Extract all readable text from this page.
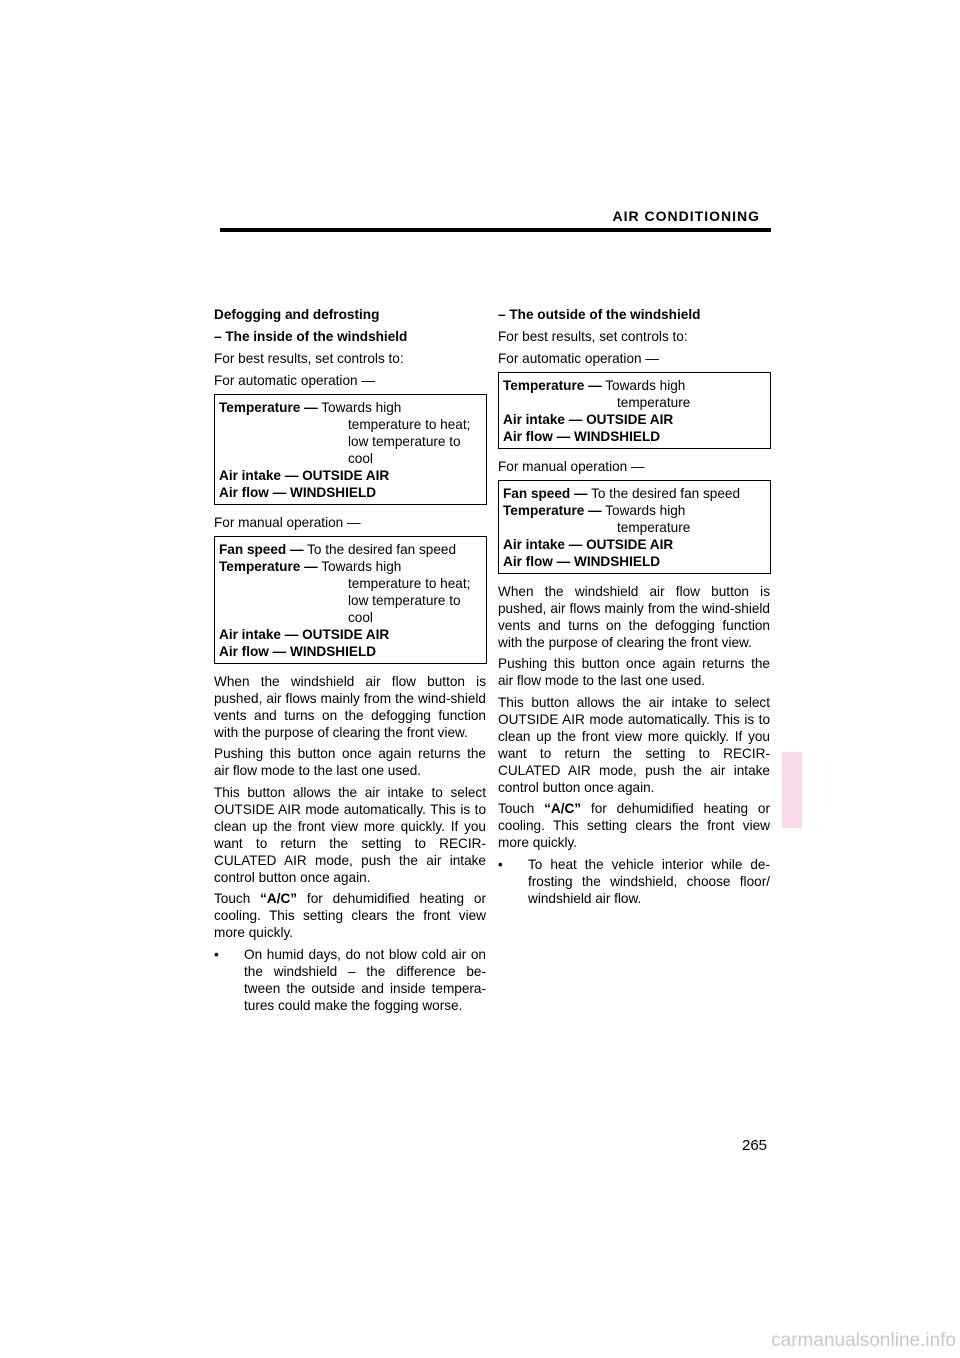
AIR CONDITIONING

Defogging and defrosting

– The inside of the windshield

For best results, set controls to:

For automatic operation —

Temperature — Towards high

temperature to heat;

low temperature to

cool

Air intake — OUTSIDE AIR

Air flow — WINDSHIELD

For manual operation —

Fan speed — To the desired fan speed

Temperature — Towards high

temperature to heat;

low temperature to

cool

Air intake — OUTSIDE AIR

Air flow — WINDSHIELD

When the windshield air flow button is pushed, air flows mainly from the wind-shield vents and turns on the defogging function with the purpose of clearing the front view.

Pushing this button once again returns the air flow mode to the last one used.

This button allows the air intake to select OUTSIDE AIR mode automatically. This is to clean up the front view more quickly. If you want to return the setting to RECIR-CULATED AIR mode, push the air intake control button once again.

Touch “A/C” for dehumidified heating or cooling. This setting clears the front view more quickly.

• On humid days, do not blow cold air on the windshield – the difference be-tween the outside and inside tempera-tures could make the fogging worse.

– The outside of the windshield

For best results, set controls to:

For automatic operation —

Temperature — Towards high

temperature

Air intake — OUTSIDE AIR

Air flow — WINDSHIELD

For manual operation —

Fan speed — To the desired fan speed

Temperature — Towards high

temperature

Air intake — OUTSIDE AIR

Air flow — WINDSHIELD

When the windshield air flow button is pushed, air flows mainly from the wind-shield vents and turns on the defogging function with the purpose of clearing the front view.

Pushing this button once again returns the air flow mode to the last one used.

This button allows the air intake to select OUTSIDE AIR mode automatically. This is to clean up the front view more quickly. If you want to return the setting to RECIR-CULATED AIR mode, push the air intake control button once again.

Touch “A/C” for dehumidified heating or cooling. This setting clears the front view more quickly.

• To heat the vehicle interior while de-frosting the windshield, choose floor/ windshield air flow.

265
carmanualsonline.info
